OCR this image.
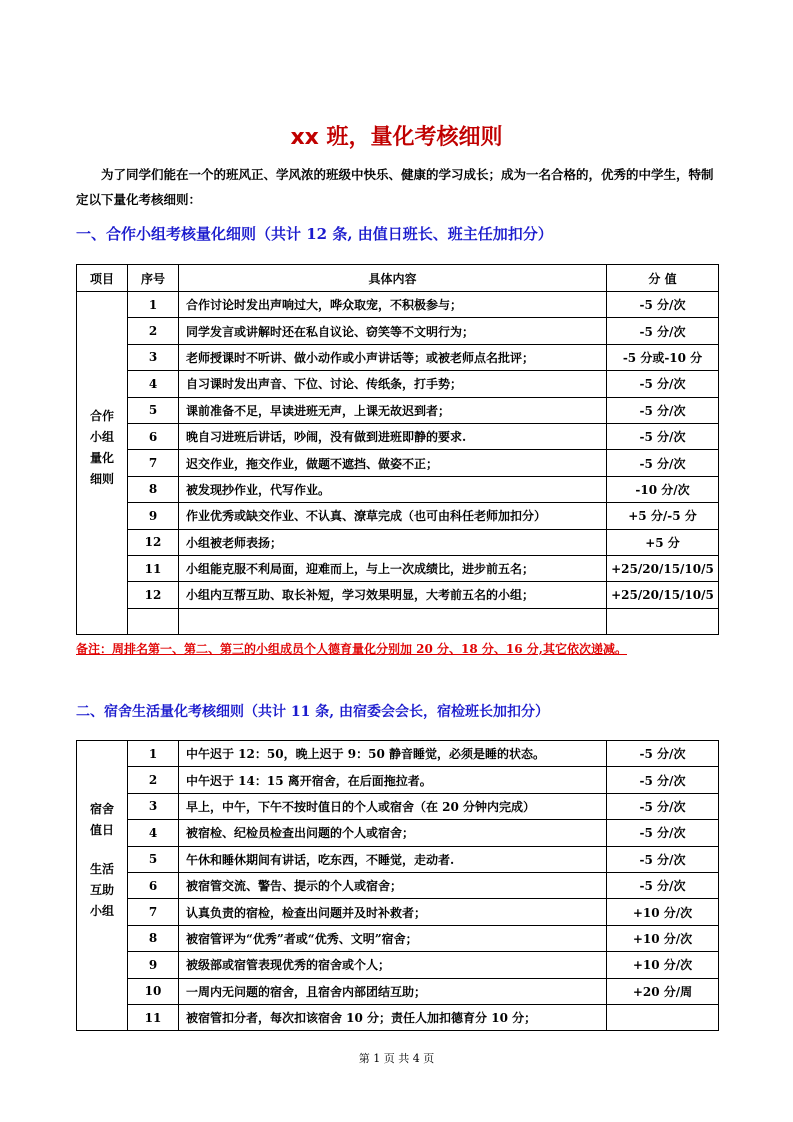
xx 班，量化考核细则

为了同学们能在一个的班风正、学风浓的班级中快乐、健康的学习成长；成为一名合格的，优秀的中学生，特制定以下量化考核细则：

一、合作小组考核量化细则（共计 12 条, 由值日班长、班主任加扣分）
项目	序号	具体内容	分 值

合作小组量化细则	1	合作讨论时发出声响过大，哗众取宠，不积极参与；	-5 分/次
	2	同学发言或讲解时还在私自议论、窃笑等不文明行为；	-5 分/次
	3	老师授课时不听讲、做小动作或小声讲话等；或被老师点名批评；	-5 分或-10 分
	4	自习课时发出声音、下位、讨论、传纸条，打手势；	-5 分/次
	5	课前准备不足，早读进班无声，上课无故迟到者；	-5 分/次
	6	晚自习进班后讲话，吵闹，没有做到进班即静的要求.	-5 分/次
	7	迟交作业，拖交作业，做题不遮挡、做姿不正；	-5 分/次
	8	被发现抄作业，代写作业。	-10 分/次
	9	作业优秀或缺交作业、不认真、潦草完成（也可由科任老师加扣分）	+5 分/-5 分
	12	小组被老师表扬；	+5 分
	11	小组能克服不利局面，迎难而上，与上一次成绩比，进步前五名；	+25/20/15/10/5
	12	小组内互帮互助、取长补短，学习效果明显，大考前五名的小组；	+25/20/15/10/5

备注：周排名第一、第二、第三的小组成员个人德育量化分别加 20 分、18 分、16 分,其它依次递减。

二、宿舍生活量化考核细则（共计 11 条, 由宿委会会长，宿检班长加扣分）
宿舍值日
生活互助小组	1	中午迟于 12：50，晚上迟于 9：50 静音睡觉，必须是睡的状态。	-5 分/次
	2	中午迟于 14：15 离开宿舍，在后面拖拉者。	-5 分/次
	3	早上，中午，下午不按时值日的个人或宿舍（在 20 分钟内完成）	-5 分/次
	4	被宿检、纪检员检查出问题的个人或宿舍；	-5 分/次
	5	午休和睡休期间有讲话，吃东西，不睡觉，走动者.	-5 分/次
	6	被宿管交流、警告、提示的个人或宿舍；	-5 分/次
	7	认真负责的宿检，检查出问题并及时补救者；	+10 分/次
	8	被宿管评为“优秀”者或“优秀、文明”宿舍；	+10 分/次
	9	被级部或宿管表现优秀的宿舍或个人；	+10 分/次
	10	一周内无问题的宿舍，且宿舍内部团结互助；	+20 分/周
	11	被宿管扣分者，每次扣该宿舍 10 分；责任人加扣德育分 10 分；	
第 1 页 共 4 页
